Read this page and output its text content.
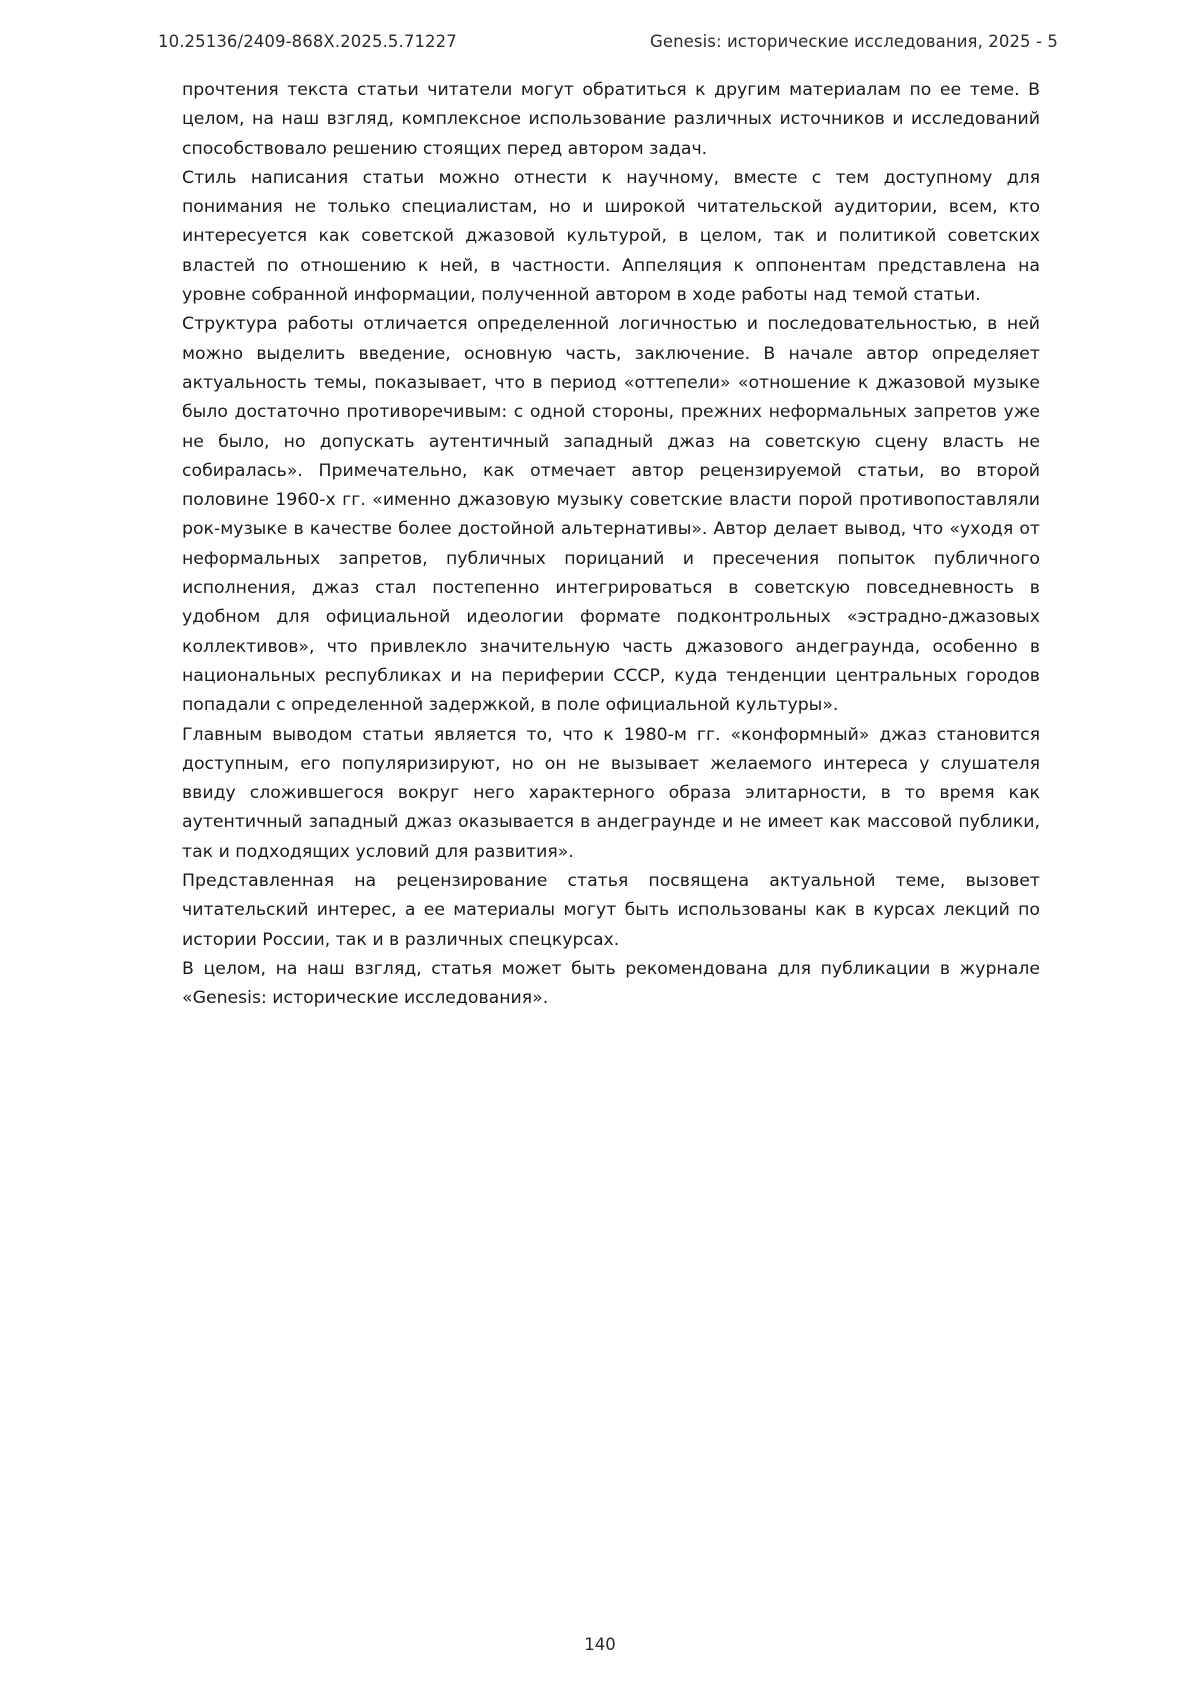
10.25136/2409-868X.2025.5.71227	Genesis: исторические исследования, 2025 - 5

прочтения текста статьи читатели могут обратиться к другим материалам по ее теме. В целом, на наш взгляд, комплексное использование различных источников и исследований способствовало решению стоящих перед автором задач.

Стиль написания статьи можно отнести к научному, вместе с тем доступному для понимания не только специалистам, но и широкой читательской аудитории, всем, кто интересуется как советской джазовой культурой, в целом, так и политикой советских властей по отношению к ней, в частности. Аппеляция к оппонентам представлена на уровне собранной информации, полученной автором в ходе работы над темой статьи.

Структура работы отличается определенной логичностью и последовательностью, в ней можно выделить введение, основную часть, заключение. В начале автор определяет актуальность темы, показывает, что в период «оттепели» «отношение к джазовой музыке было достаточно противоречивым: с одной стороны, прежних неформальных запретов уже не было, но допускать аутентичный западный джаз на советскую сцену власть не собиралась». Примечательно, как отмечает автор рецензируемой статьи, во второй половине 1960-х гг. «именно джазовую музыку советские власти порой противопоставляли рок-музыке в качестве более достойной альтернативы». Автор делает вывод, что «уходя от неформальных запретов, публичных порицаний и пресечения попыток публичного исполнения, джаз стал постепенно интегрироваться в советскую повседневность в удобном для официальной идеологии формате подконтрольных «эстрадно-джазовых коллективов», что привлекло значительную часть джазового андеграунда, особенно в национальных республиках и на периферии СССР, куда тенденции центральных городов попадали с определенной задержкой, в поле официальной культуры».

Главным выводом статьи является то, что к 1980-м гг. «конформный» джаз становится доступным, его популяризируют, но он не вызывает желаемого интереса у слушателя ввиду сложившегося вокруг него характерного образа элитарности, в то время как аутентичный западный джаз оказывается в андеграунде и не имеет как массовой публики, так и подходящих условий для развития».

Представленная на рецензирование статья посвящена актуальной теме, вызовет читательский интерес, а ее материалы могут быть использованы как в курсах лекций по истории России, так и в различных спецкурсах.

В целом, на наш взгляд, статья может быть рекомендована для публикации в журнале «Genesis: исторические исследования».

140
